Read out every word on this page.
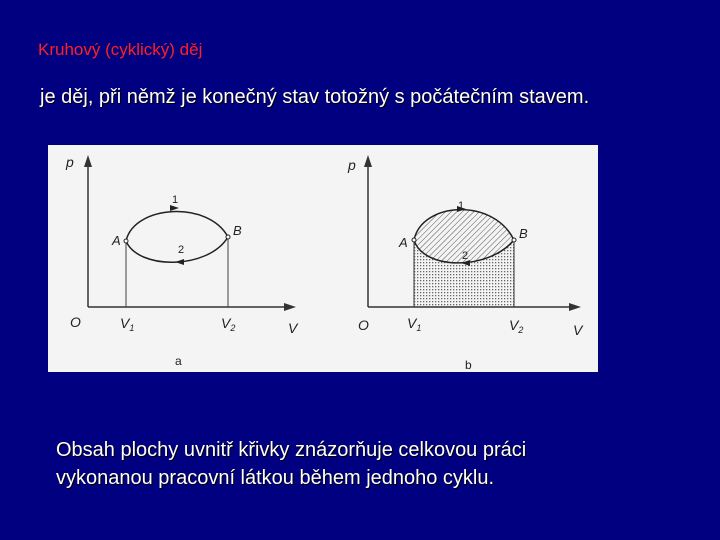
Kruhový (cyklický) děj
je děj, při němž je konečný stav totožný s počátečním stavem.
p
V
O	$V_1$	$V_2$
A
B
1
2
a
p
V
O	$V_1$	$V_2$
A
B
1
2
b
Obsah plochy uvnitř křivky znázorňuje celkovou práci
vykonanou pracovní látkou během jednoho cyklu.
